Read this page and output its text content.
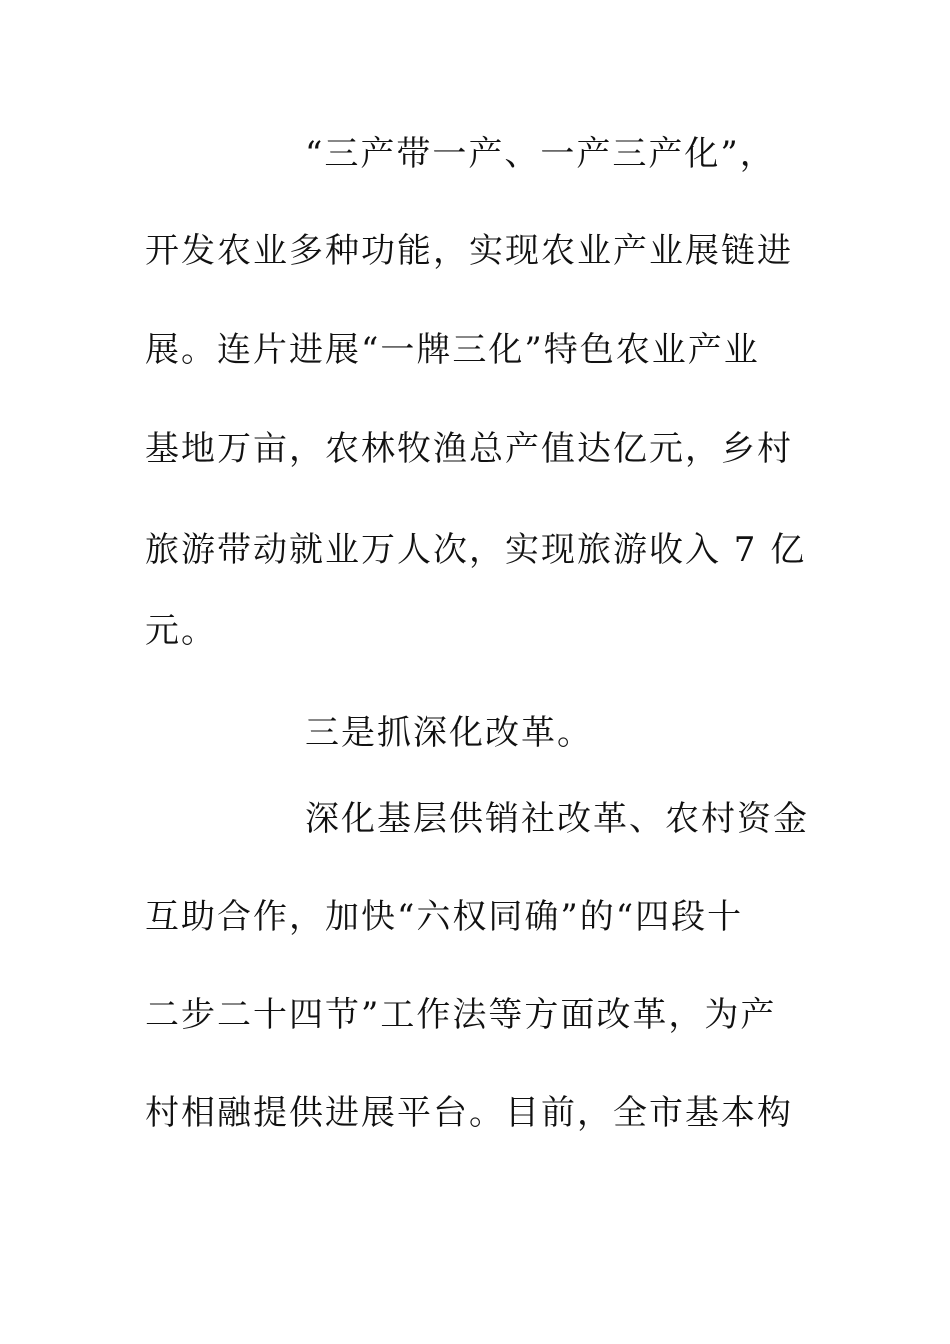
“三产带一产、一产三产化”，
开发农业多种功能，实现农业产业展链进
展。连片进展“一牌三化”特色农业产业
基地万亩，农林牧渔总产值达亿元，乡村
旅游带动就业万人次，实现旅游收入 7 亿
元。
三是抓深化改革。
深化基层供销社改革、农村资金
互助合作，加快“六权同确”的“四段十
二步二十四节”工作法等方面改革，为产
村相融提供进展平台。目前，全市基本构
